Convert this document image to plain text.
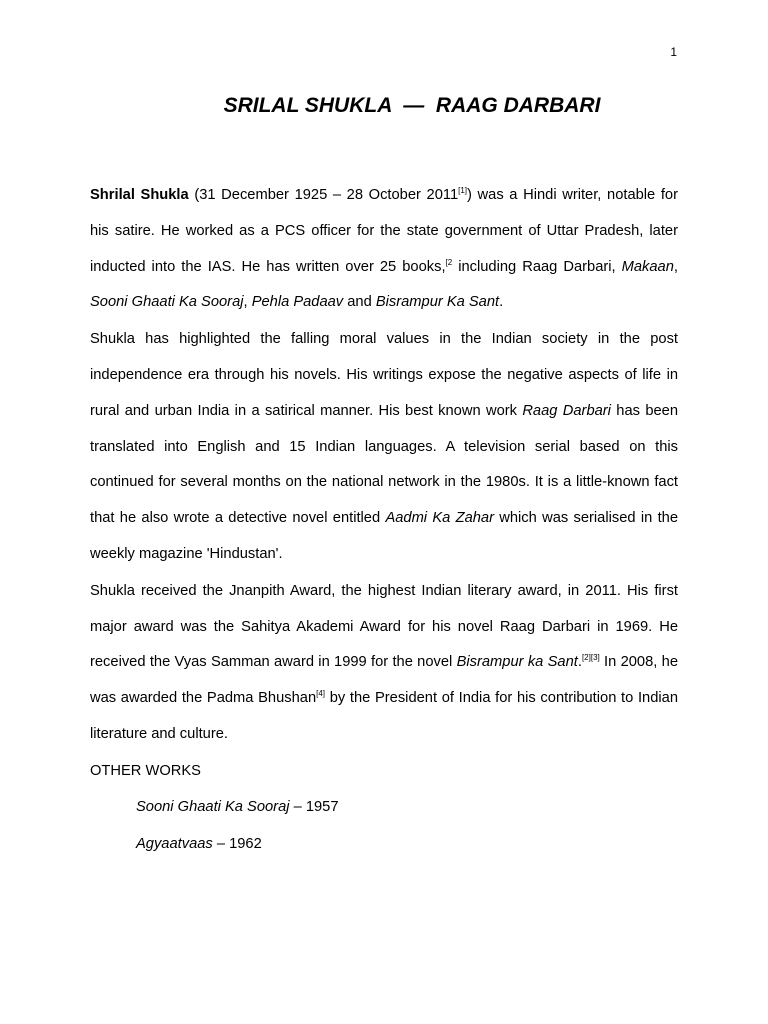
1
SRILAL SHUKLA  —  RAAG DARBARI

Shrilal Shukla (31 December 1925 – 28 October 2011[1]) was a Hindi writer, notable for his satire. He worked as a PCS officer for the state government of Uttar Pradesh, later inducted into the IAS. He has written over 25 books,$^{[2}$ including Raag Darbari, Makaan, Sooni Ghaati Ka Sooraj, Pehla Padaav and Bisrampur Ka Sant.

Shukla has highlighted the falling moral values in the Indian society in the post independence era through his novels. His writings expose the negative aspects of life in rural and urban India in a satirical manner. His best known work Raag Darbari has been translated into English and 15 Indian languages. A television serial based on this continued for several months on the national network in the 1980s. It is a little-known fact that he also wrote a detective novel entitled Aadmi Ka Zahar which was serialised in the weekly magazine 'Hindustan'.

Shukla received the Jnanpith Award, the highest Indian literary award, in 2011. His first major award was the Sahitya Akademi Award for his novel Raag Darbari in 1969. He received the Vyas Samman award in 1999 for the novel Bisrampur ka Sant.[2][3] In 2008, he was awarded the Padma Bhushan[4] by the President of India for his contribution to Indian literature and culture.

OTHER WORKS
Sooni Ghaati Ka Sooraj – 1957
Agyaatvaas – 1962
